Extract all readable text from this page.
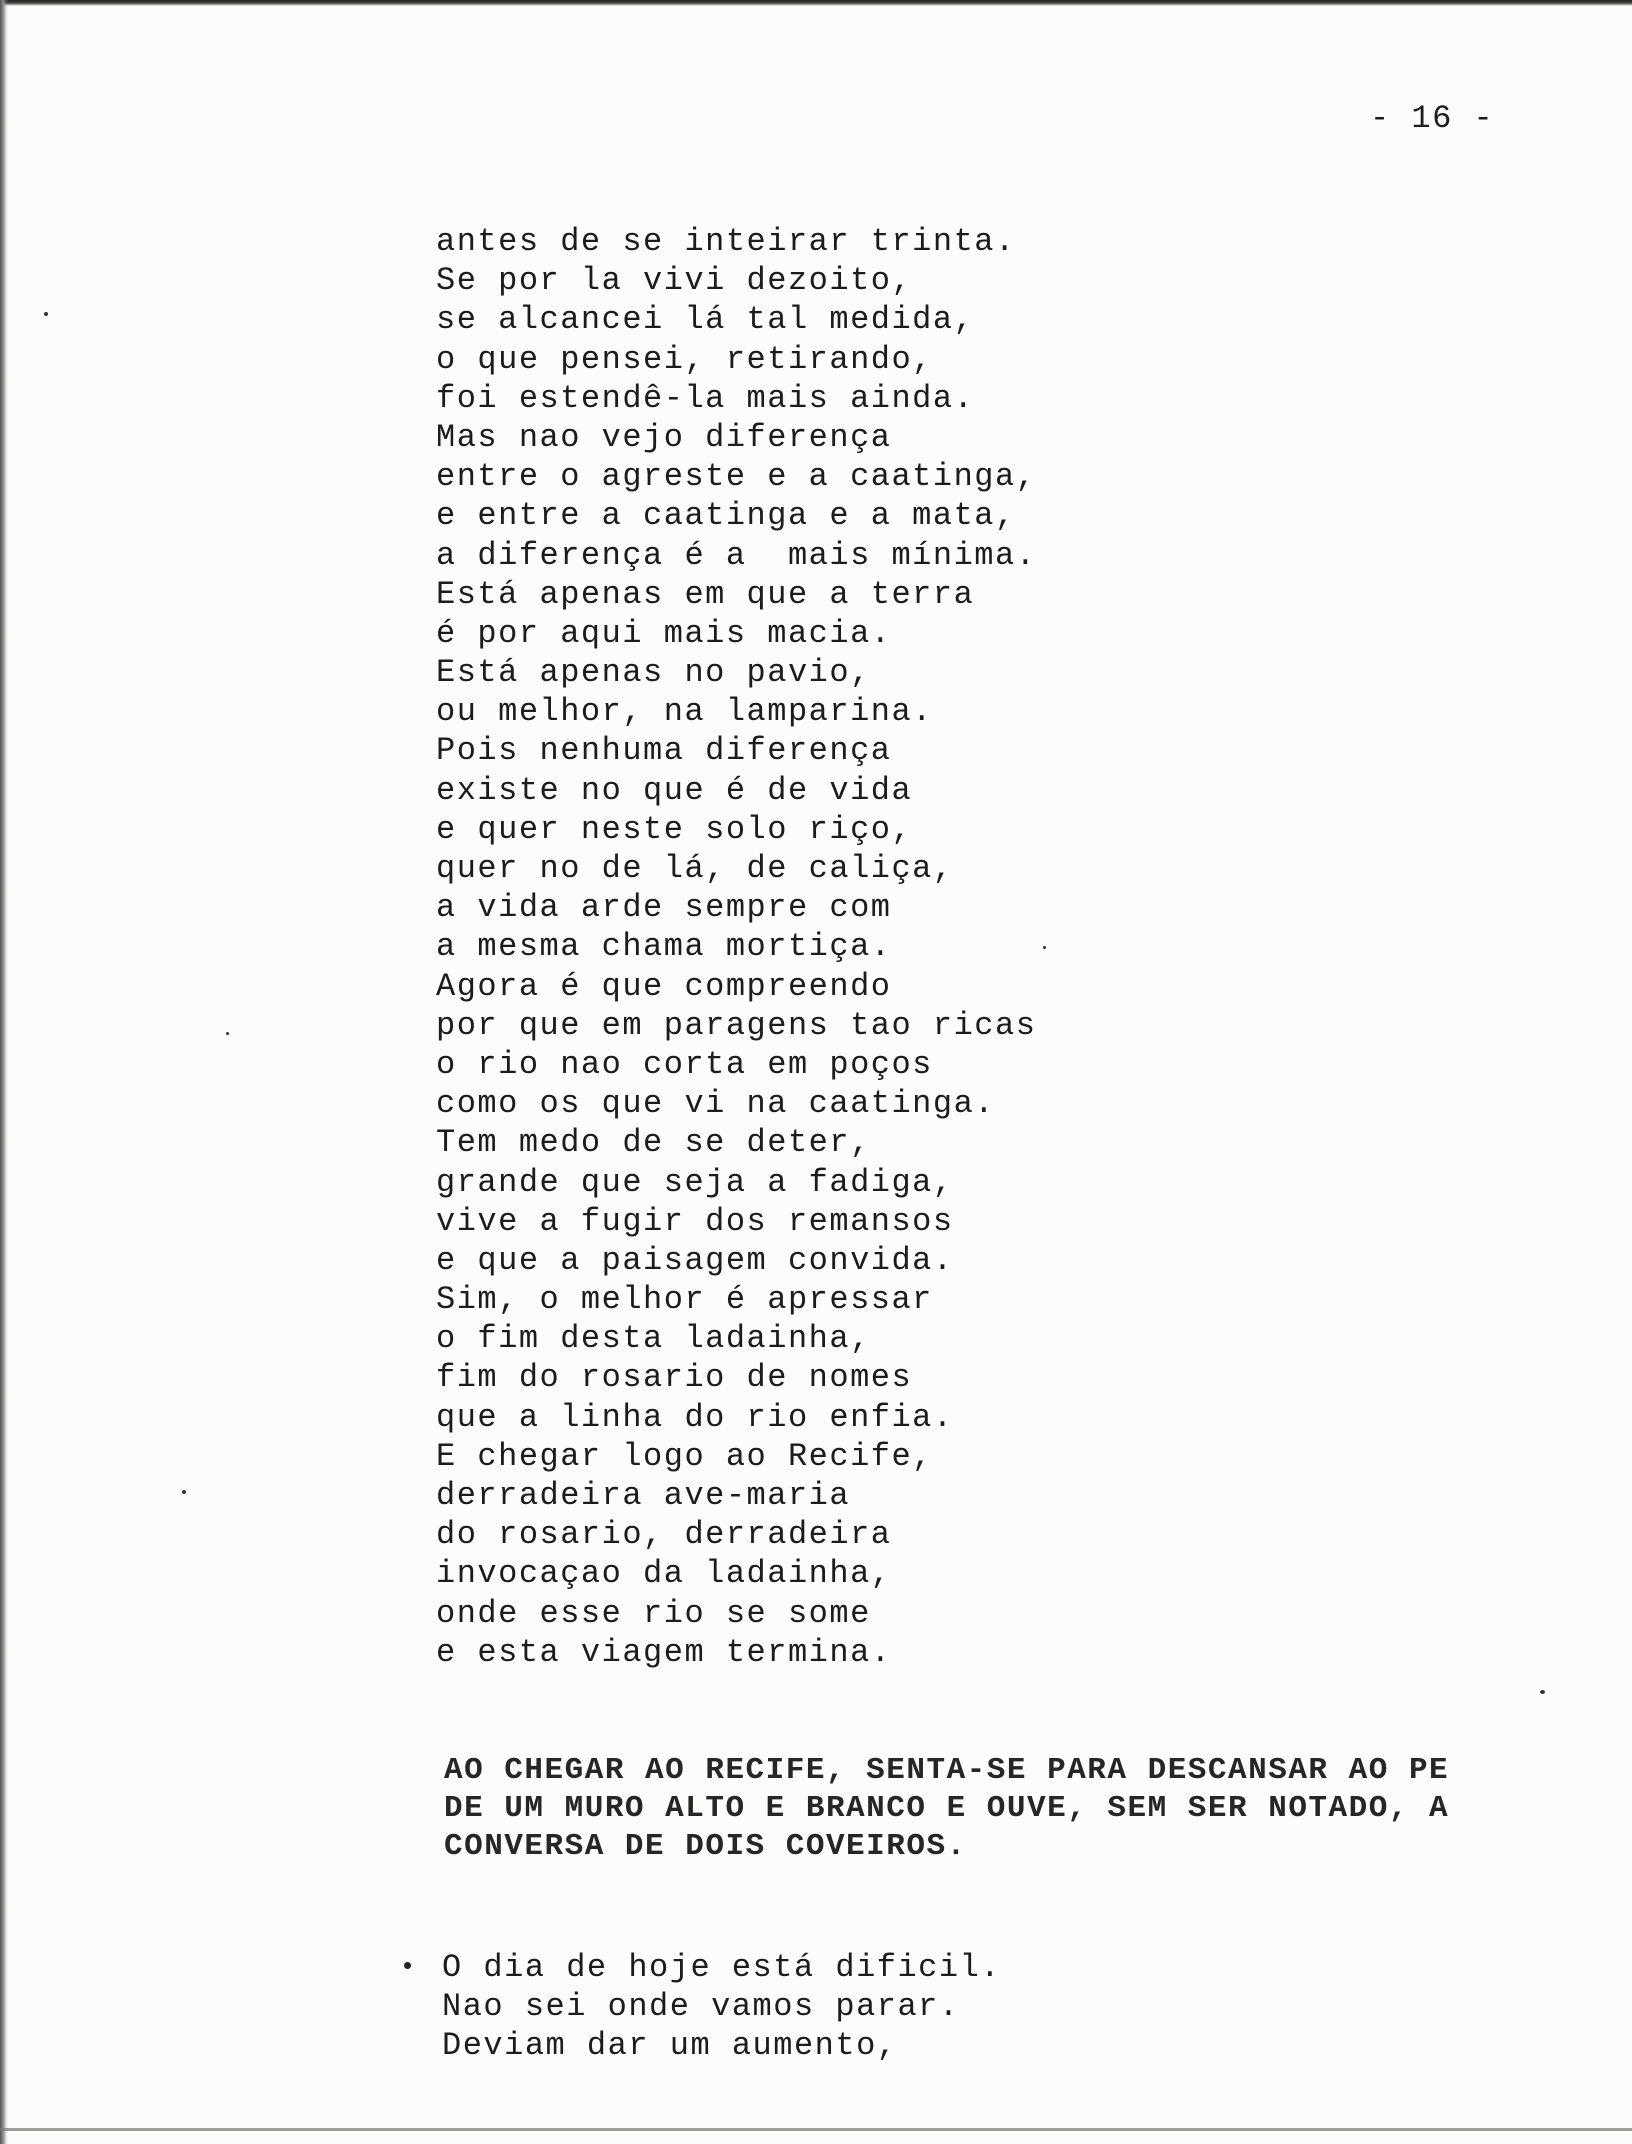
- 16 -
antes de se inteirar trinta.
Se por la vivi dezoito,
se alcancei lá tal medida,
o que pensei, retirando,
foi estendê-la mais ainda.
Mas nao vejo diferença
entre o agreste e a caatinga,
e entre a caatinga e a mata,
a diferença é a  mais mínima.
Está apenas em que a terra
é por aqui mais macia.
Está apenas no pavio,
ou melhor, na lamparina.
Pois nenhuma diferença
existe no que é de vida
e quer neste solo riço,
quer no de lá, de caliça,
a vida arde sempre com
a mesma chama mortiça.
Agora é que compreendo
por que em paragens tao ricas
o rio nao corta em poços
como os que vi na caatinga.
Tem medo de se deter,
grande que seja a fadiga,
vive a fugir dos remansos
e que a paisagem convida.
Sim, o melhor é apressar
o fim desta ladainha,
fim do rosario de nomes
que a linha do rio enfia.
E chegar logo ao Recife,
derradeira ave-maria
do rosario, derradeira
invocaçao da ladainha,
onde esse rio se some
e esta viagem termina.
AO CHEGAR AO RECIFE, SENTA-SE PARA DESCANSAR AO PE
DE UM MURO ALTO E BRANCO E OUVE, SEM SER NOTADO, A
CONVERSA DE DOIS COVEIROS.
O dia de hoje está dificil.
Nao sei onde vamos parar.
Deviam dar um aumento,
